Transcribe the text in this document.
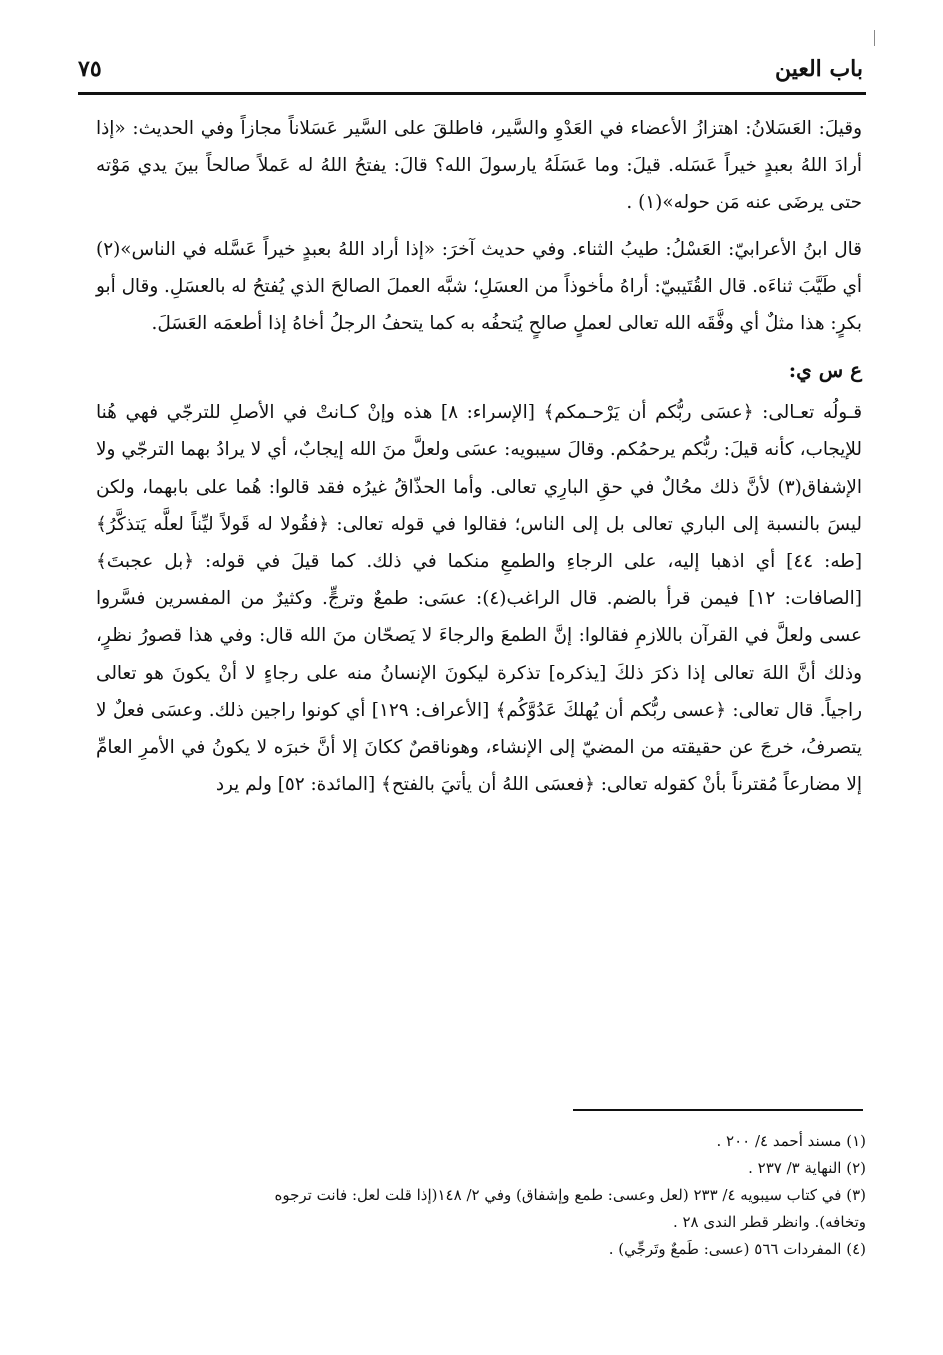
باب العين
٧٥

وقيلَ: العَسَلانُ: اهتزازُ الأعضاء في العَدْوِ والسَّير، فاطلقَ على السَّير عَسَلاناً مجازاً وفي الحديث: «إذا أرادَ اللهُ بعبدٍ خيراً عَسَله. قيلَ: وما عَسَلَهُ يارسولَ الله؟ قالَ: يفتحُ اللهُ له عَملاً صالحاً بينَ يدي مَوْته حتى يرضَى عنه مَن حوله»(١) .

قال ابنُ الأعرابيّ: العَسْلُ: طيبُ الثناء. وفي حديث آخرَ: «إذا أراد اللهُ بعبدٍ خيراً عَسَّله في الناس»(٢) أي طَيَّبَ ثناءَه. قال القُتَيبيّ: أراهُ مأخوذاً من العسَلِ؛ شبَّه العملَ الصالحَ الذي يُفتحُ له بالعسَلِ. وقال أبو بكرٍ: هذا مثلٌ أي وفَّقَه الله تعالى لعملٍ صالحٍ يُتحفُه به كما يتحفُ الرجلُ أخاهُ إذا أطعمَه العَسَلَ.

ع س ي:

قـولُه تعـالى: ﴿عسَى ربُّكم أن يَرْحـمكم﴾ [الإسراء: ٨] هذه وإنْ كـانتْ في الأصلِ للترجّي فهي هُنا للإيجاب، كأنه قيلَ: ربُّكم يرحمُكم. وقالَ سيبويه: عسَى ولعلَّ منَ الله إيجابٌ، أي لا يرادُ بهما الترجّي ولا الإشفاق(٣) لأنَّ ذلك محُالٌ في حقِ البارِي تعالى. وأما الحذّاقُ غيرُه فقد قالوا: هُما على بابهما، ولكن ليسَ بالنسبة إلى الباري تعالى بل إلى الناس؛ فقالوا في قوله تعالى: ﴿فقُولا له قَولاً ليِّناً لعلَّه يَتذكَّرُ﴾[طه: ٤٤] أي اذهبا إليه، على الرجاءِ والطمعِ منكما في ذلك. كما قيلَ في قوله: ﴿بل عجبتَ﴾ [الصافات: ١٢] فيمن قرأ بالضم. قال الراغب(٤): عسَى: طمعٌ وترجٍّ. وكثيرٌ من المفسرين فسَّروا عسى ولعلَّ في القرآن باللازمِ فقالوا: إنَّ الطمعَ والرجاءَ لا يَصحّان منَ الله قال: وفي هذا قصورُ نظرٍ، وذلك أنَّ اللهَ تعالى إذا ذكرَ ذلكَ [يذكره] تذكرة ليكونَ الإنسانُ منه على رجاءٍ لا أنْ يكونَ هو تعالى راجياً. قال تعالى: ﴿عسى ربُّكم أن يُهلكَ عَدُوَّكُم﴾ [الأعراف: ١٢٩] أي كونوا راجين ذلك. وعسَى فعلٌ لا يتصرفُ، خرجَ عن حقيقته من المضيّ إلى الإنشاء، وهوناقصٌ ككانَ إلا أنَّ خبرَه لا يكونُ في الأمرِ العامِّ إلا مضارعاً مُقترناً بأنْ كقوله تعالى: ﴿فعسَى اللهُ أن يأتيَ بالفتح﴾ [المائدة: ٥٢] ولم يرد

(١) مسند أحمد ٤/ ٢٠٠ .

(٢) النهاية ٣/ ٢٣٧ .

(٣) في كتاب سيبويه ٤/ ٢٣٣ (لعل وعسى: طمع وإشفاق) وفي ٢/ ١٤٨(إذا قلت لعل: فانت ترجوه

وتخافه). وانظر قطر الندى ٢٨ .

(٤) المفردات ٥٦٦ (عسى: طَمعٌ وتَرجِّي) .
